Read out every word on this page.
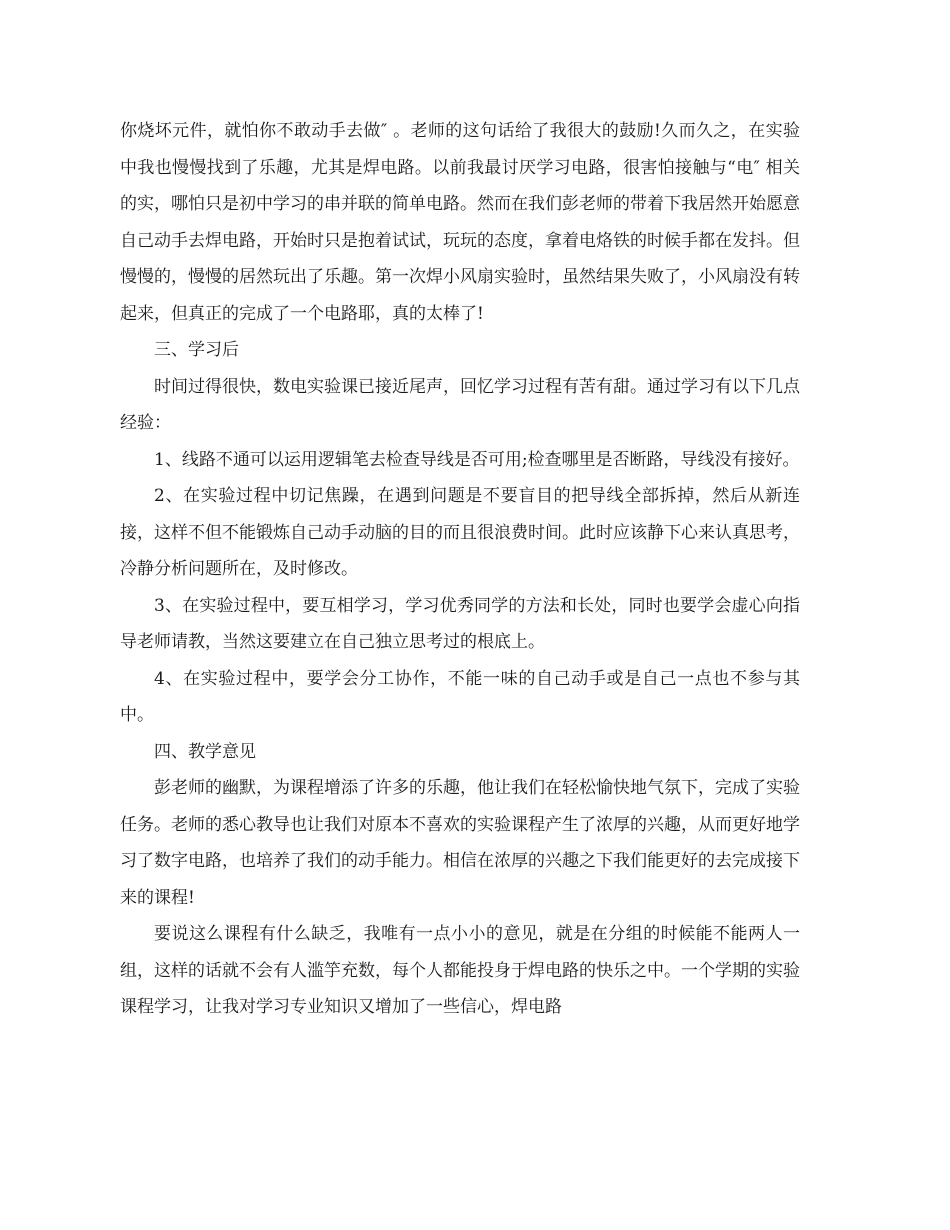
你烧坏元件，就怕你不敢动手去做″ 。老师的这句话给了我很大的鼓励!久而久之，在实验中我也慢慢找到了乐趣，尤其是焊电路。以前我最讨厌学习电路，很害怕接触与“电″ 相关的实，哪怕只是初中学习的串并联的简单电路。然而在我们彭老师的带着下我居然开始愿意自己动手去焊电路，开始时只是抱着试试，玩玩的态度，拿着电烙铁的时候手都在发抖。但慢慢的，慢慢的居然玩出了乐趣。第一次焊小风扇实验时，虽然结果失败了，小风扇没有转起来，但真正的完成了一个电路耶，真的太棒了!

三、学习后

时间过得很快，数电实验课已接近尾声，回忆学习过程有苦有甜。通过学习有以下几点经验：

1、线路不通可以运用逻辑笔去检查导线是否可用;检查哪里是否断路，导线没有接好。

2、在实验过程中切记焦躁，在遇到问题是不要盲目的把导线全部拆掉，然后从新连接，这样不但不能锻炼自己动手动脑的目的而且很浪费时间。此时应该静下心来认真思考，冷静分析问题所在，及时修改。

3、在实验过程中，要互相学习，学习优秀同学的方法和长处，同时也要学会虚心向指导老师请教，当然这要建立在自己独立思考过的根底上。

4、在实验过程中，要学会分工协作，不能一味的自己动手或是自己一点也不参与其中。

四、教学意见

彭老师的幽默，为课程增添了许多的乐趣，他让我们在轻松愉快地气氛下，完成了实验任务。老师的悉心教导也让我们对原本不喜欢的实验课程产生了浓厚的兴趣，从而更好地学习了数字电路，也培养了我们的动手能力。相信在浓厚的兴趣之下我们能更好的去完成接下来的课程!

要说这么课程有什么缺乏，我唯有一点小小的意见，就是在分组的时候能不能两人一组，这样的话就不会有人滥竽充数，每个人都能投身于焊电路的快乐之中。一个学期的实验课程学习，让我对学习专业知识又增加了一些信心，焊电路
